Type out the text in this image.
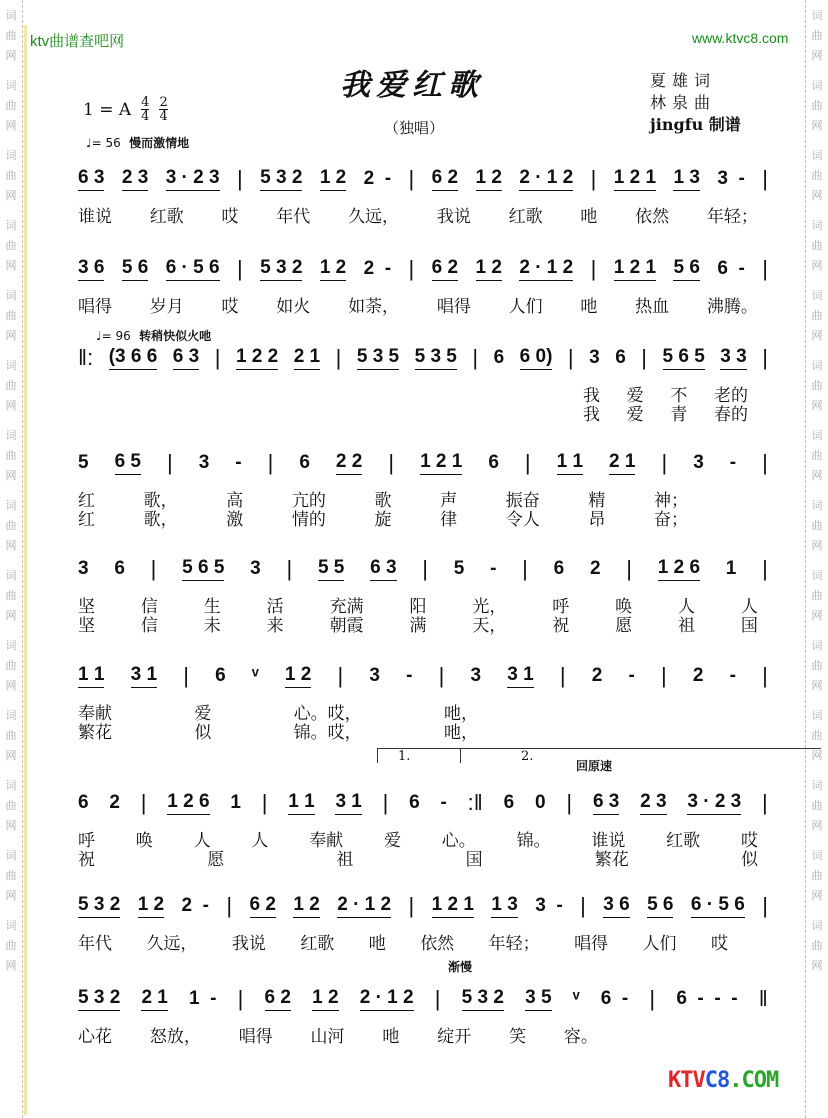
词
曲
网
词
曲
网
词
曲
网
词
曲
网
词
曲
网
词
曲
网
词
曲
网
词
曲
网
词
曲
网
词
曲
网
词
曲
网
词
曲
网
词
曲
网
词
曲
网
词
曲
网
词
曲
网
词
曲
网
词
曲
网
词
曲
网
词
曲
网
词
曲
网
词
曲
网
词
曲
网
词
曲
网
词
曲
网
词
曲
网
词
曲
网
词
曲
网
ktv曲谱查吧网	www.ktvc8.com
我爱红歌
（独唱）
夏雄词
林泉曲
jingfu 制谱
1 = A $\frac{4}{4} \frac{2}{4}$
♩= 56 慢而激情地
♩= 96 转稍快似火吔
渐慢
1.	2.
回原速
6 3 2 3 3 · 2 3 | 5 3 2 1 2 2  - | 6 2 1 2 2 · 1 2 | 1 2 1 1 3 3  - |
谁说 红歌 哎 年代 久远， 我说 红歌 吔 依然 年轻；
3 6 5 6 6 · 5 6 | 5 3 2 1 2 2  - | 6 2 1 2 2 · 1 2 | 1 2 1 5 6 6  - |
唱得 岁月 哎 如火 如荼， 唱得 人们 吔 热血 沸腾。
‖: (3 6 6 6 3 | 1 2 2 2 1 | 5 3 5 5 3 5 | 6 6 0) | 3 6 | 5 6 5 3 3 |
我 爱 不 老的
我 爱 青 春的
5 6 5 | 3 - | 6 2 2 | 1 2 1 6 | 1 1 2 1 | 3 - |
红	歌，	高	亢的	歌	声	振奋	精	神；
红	歌，	激	情的	旋	律	令人	昂	奋；
3 6 | 5 6 5 3 | 5 5 6 3 | 5 - | 6 2 | 1 2 6 1 |
坚	信	生	活	充满	阳	光，	呼	唤	人	人
坚	信	未	来	朝霞	满	天，	祝	愿	祖	国
1 1 3 1 | 6 ᵛ 1 2 | 3 - | 3 3 1 | 2 - | 2 - |
奉献	爱	心。哎，	吔，
繁花	似	锦。哎，	吔，
6 2 | 1 2 6 1 | 1 1 3 1 | 6 - :‖ 6 0 | 6 3 2 3 3 · 2 3 |
呼 唤 人 人 奉献 爱 心。 锦。 谁说 红歌 哎
祝	愿	祖	国	繁花	似
5 3 2 1 2 2  - | 6 2 1 2 2 · 1 2 | 1 2 1 1 3 3  - | 3 6 5 6 6 · 5 6 |
年代 久远， 我说 红歌 吔 依然 年轻； 唱得 人们 哎
5 3 2 2 1 1  - | 6 2 1 2 2 · 1 2 | 5 3 2 3 5 ᵛ 6  - | 6  -  -  - ‖
心花 怒放， 唱得 山河 吔 绽开 笑 容。
KTVC8.COM
